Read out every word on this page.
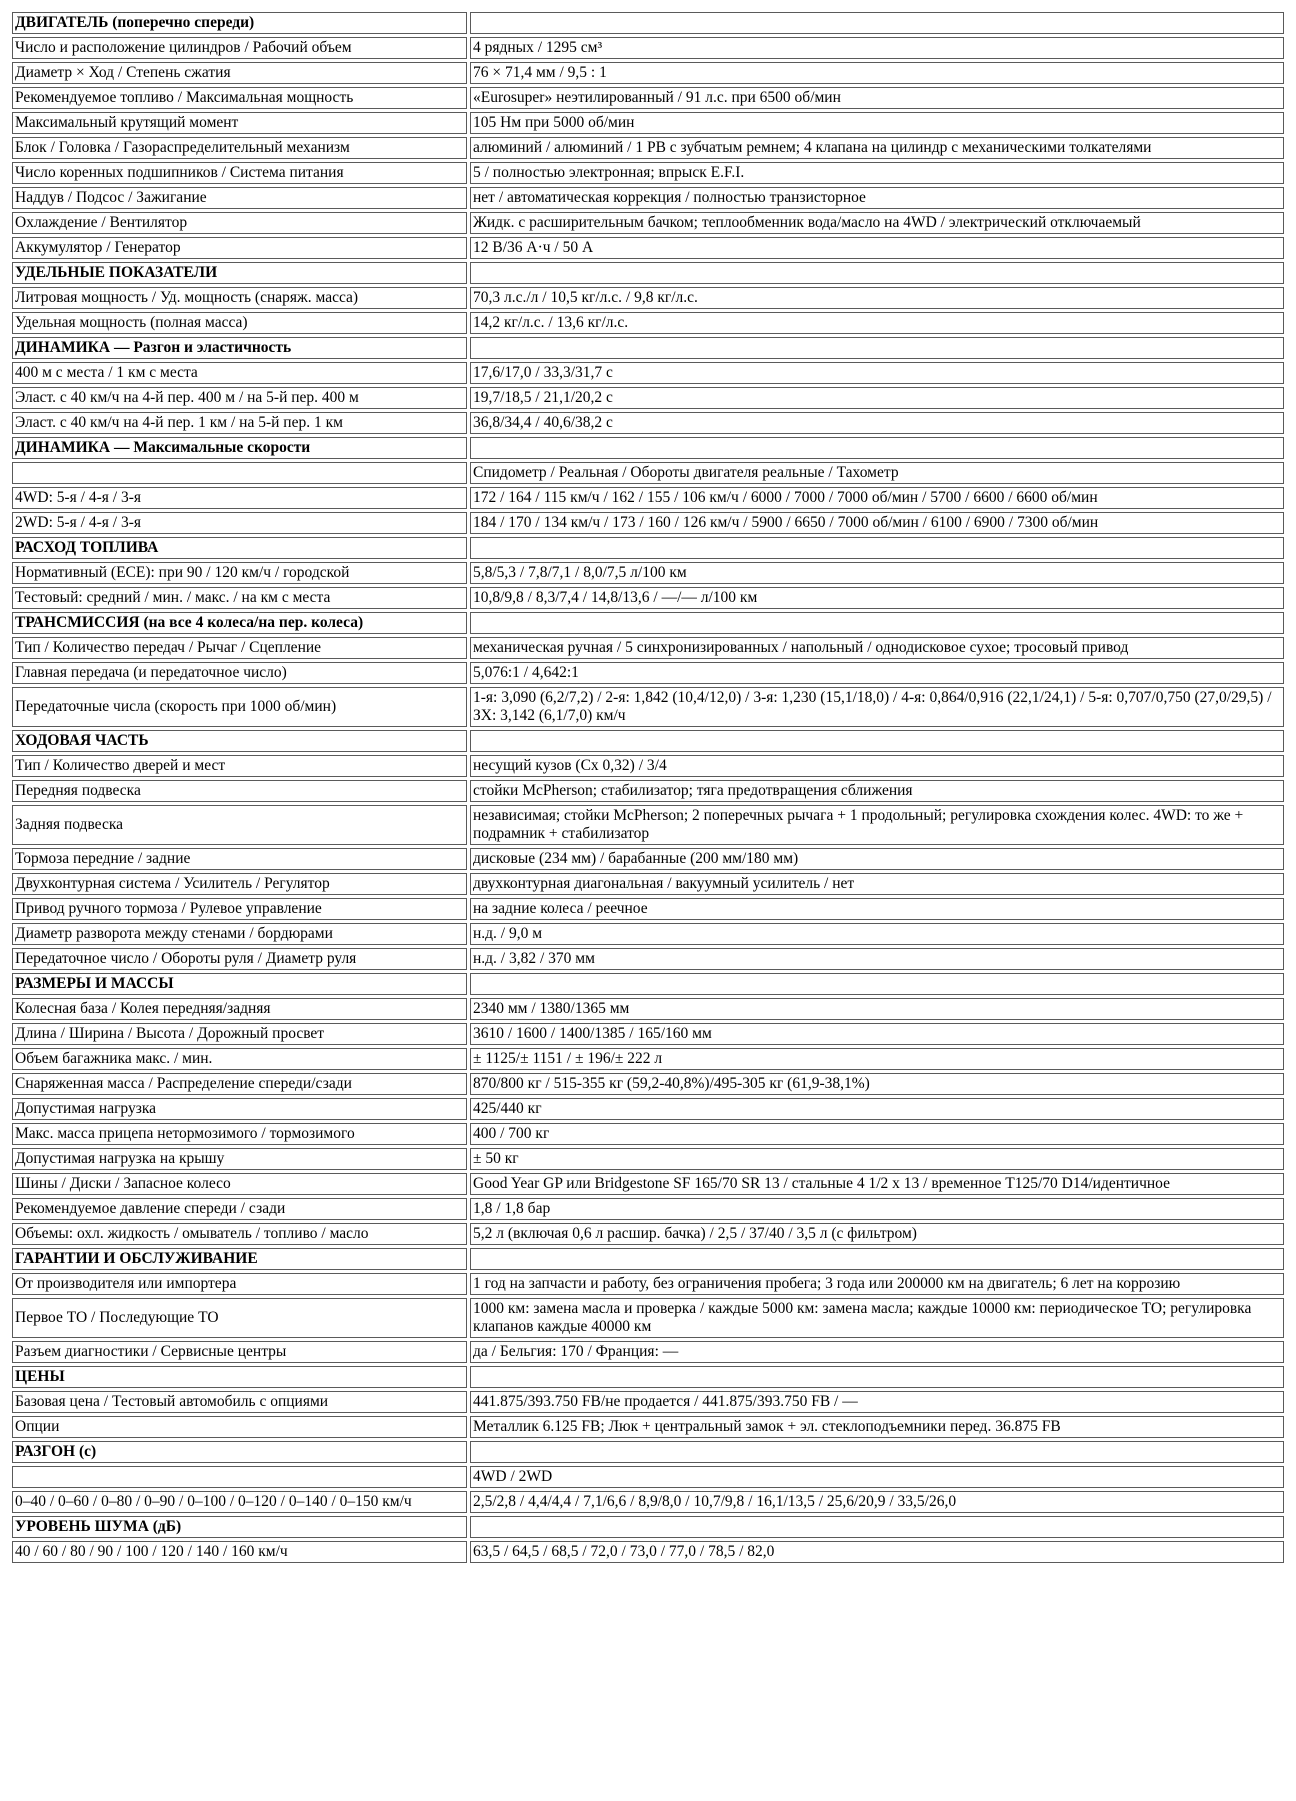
ДВИГАТЕЛЬ (поперечно спереди)	
Число и расположение цилиндров / Рабочий объем	4 рядных / 1295 см³
Диаметр × Ход / Степень сжатия	76 × 71,4 мм / 9,5 : 1
Рекомендуемое топливо / Максимальная мощность	«Eurosuper» неэтилированный / 91 л.с. при 6500 об/мин
Максимальный крутящий момент	105 Нм при 5000 об/мин
Блок / Головка / Газораспределительный механизм	алюминий / алюминий / 1 РВ с зубчатым ремнем; 4 клапана на цилиндр с механическими толкателями
Число коренных подшипников / Система питания	5 / полностью электронная; впрыск E.F.I.
Наддув / Подсос / Зажигание	нет / автоматическая коррекция / полностью транзисторное
Охлаждение / Вентилятор	Жидк. с расширительным бачком; теплообменник вода/масло на 4WD / электрический отключаемый
Аккумулятор / Генератор	12 В/36 А·ч / 50 А
УДЕЛЬНЫЕ ПОКАЗАТЕЛИ	
Литровая мощность / Уд. мощность (снаряж. масса)	70,3 л.с./л / 10,5 кг/л.с. / 9,8 кг/л.с.
Удельная мощность (полная масса)	14,2 кг/л.с. / 13,6 кг/л.с.
ДИНАМИКА — Разгон и эластичность	
400 м с места / 1 км с места	17,6/17,0 / 33,3/31,7 с
Эласт. с 40 км/ч на 4-й пер. 400 м / на 5-й пер. 400 м	19,7/18,5 / 21,1/20,2 с
Эласт. с 40 км/ч на 4-й пер. 1 км / на 5-й пер. 1 км	36,8/34,4 / 40,6/38,2 с
ДИНАМИКА — Максимальные скорости	
	Спидометр / Реальная / Обороты двигателя реальные / Тахометр
4WD: 5-я / 4-я / 3-я	172 / 164 / 115 км/ч / 162 / 155 / 106 км/ч / 6000 / 7000 / 7000 об/мин / 5700 / 6600 / 6600 об/мин
2WD: 5-я / 4-я / 3-я	184 / 170 / 134 км/ч / 173 / 160 / 126 км/ч / 5900 / 6650 / 7000 об/мин / 6100 / 6900 / 7300 об/мин
РАСХОД ТОПЛИВА	
Нормативный (ECE): при 90 / 120 км/ч / городской	5,8/5,3 / 7,8/7,1 / 8,0/7,5 л/100 км
Тестовый: средний / мин. / макс. / на км с места	10,8/9,8 / 8,3/7,4 / 14,8/13,6 / —/— л/100 км
ТРАНСМИССИЯ (на все 4 колеса/на пер. колеса)	
Тип / Количество передач / Рычаг / Сцепление	механическая ручная / 5 синхронизированных / напольный / однодисковое сухое; тросовый привод
Главная передача (и передаточное число)	5,076:1 / 4,642:1
Передаточные числа (скорость при 1000 об/мин)	1-я: 3,090 (6,2/7,2) / 2-я: 1,842 (10,4/12,0) / 3-я: 1,230 (15,1/18,0) / 4-я: 0,864/0,916 (22,1/24,1) / 5-я: 0,707/0,750 (27,0/29,5) / ЗХ: 3,142 (6,1/7,0) км/ч
ХОДОВАЯ ЧАСТЬ	
Тип / Количество дверей и мест	несущий кузов (Cx 0,32) / 3/4
Передняя подвеска	стойки McPherson; стабилизатор; тяга предотвращения сближения
Задняя подвеска	независимая; стойки McPherson; 2 поперечных рычага + 1 продольный; регулировка схождения колес. 4WD: то же + подрамник + стабилизатор
Тормоза передние / задние	дисковые (234 мм) / барабанные (200 мм/180 мм)
Двухконтурная система / Усилитель / Регулятор	двухконтурная диагональная / вакуумный усилитель / нет
Привод ручного тормоза / Рулевое управление	на задние колеса / реечное
Диаметр разворота между стенами / бордюрами	н.д. / 9,0 м
Передаточное число / Обороты руля / Диаметр руля	н.д. / 3,82 / 370 мм
РАЗМЕРЫ И МАССЫ	
Колесная база / Колея передняя/задняя	2340 мм / 1380/1365 мм
Длина / Ширина / Высота / Дорожный просвет	3610 / 1600 / 1400/1385 / 165/160 мм
Объем багажника макс. / мин.	± 1125/± 1151 / ± 196/± 222 л
Снаряженная масса / Распределение спереди/сзади	870/800 кг / 515-355 кг (59,2-40,8%)/495-305 кг (61,9-38,1%)
Допустимая нагрузка	425/440 кг
Макс. масса прицепа нетормозимого / тормозимого	400 / 700 кг
Допустимая нагрузка на крышу	± 50 кг
Шины / Диски / Запасное колесо	Good Year GP или Bridgestone SF 165/70 SR 13 / стальные 4 1/2 x 13 / временное T125/70 D14/идентичное
Рекомендуемое давление спереди / сзади	1,8 / 1,8 бар
Объемы: охл. жидкость / омыватель / топливо / масло	5,2 л (включая 0,6 л расшир. бачка) / 2,5 / 37/40 / 3,5 л (с фильтром)
ГАРАНТИИ И ОБСЛУЖИВАНИЕ	
От производителя или импортера	1 год на запчасти и работу, без ограничения пробега; 3 года или 200000 км на двигатель; 6 лет на коррозию
Первое ТО / Последующие ТО	1000 км: замена масла и проверка / каждые 5000 км: замена масла; каждые 10000 км: периодическое ТО; регулировка клапанов каждые 40000 км
Разъем диагностики / Сервисные центры	да / Бельгия: 170 / Франция: —
ЦЕНЫ	
Базовая цена / Тестовый автомобиль с опциями	441.875/393.750 FB/не продается / 441.875/393.750 FB / —
Опции	Металлик 6.125 FB; Люк + центральный замок + эл. стеклоподъемники перед. 36.875 FB
РАЗГОН (с)	
	4WD / 2WD
0–40 / 0–60 / 0–80 / 0–90 / 0–100 / 0–120 / 0–140 / 0–150 км/ч	2,5/2,8 / 4,4/4,4 / 7,1/6,6 / 8,9/8,0 / 10,7/9,8 / 16,1/13,5 / 25,6/20,9 / 33,5/26,0
УРОВЕНЬ ШУМА (дБ)	
40 / 60 / 80 / 90 / 100 / 120 / 140 / 160 км/ч	63,5 / 64,5 / 68,5 / 72,0 / 73,0 / 77,0 / 78,5 / 82,0
